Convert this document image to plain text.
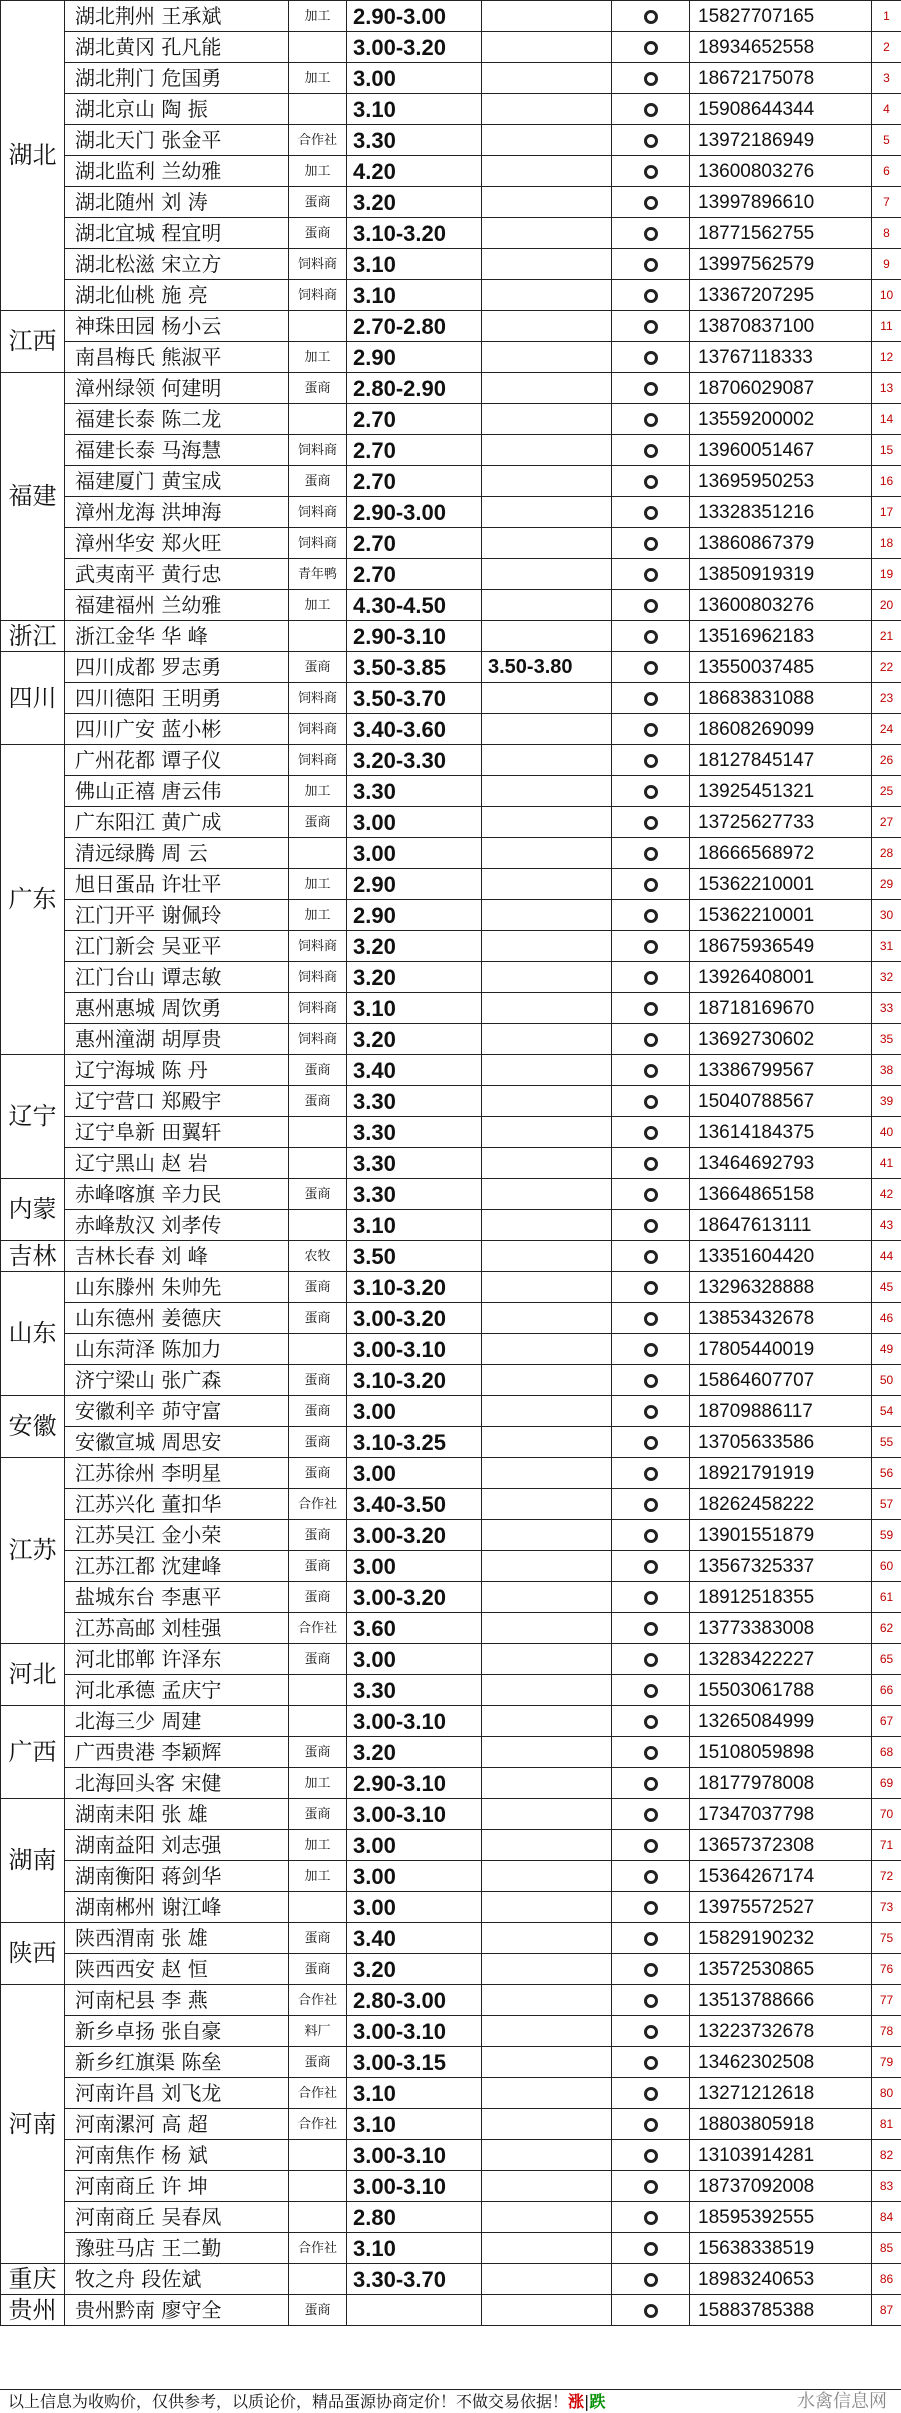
湖北	湖北荆州 王承斌	加工	2.90-3.00			15827707165	1
	湖北黄冈 孔凡能		3.00-3.20			18934652558	2
	湖北荆门 危国勇	加工	3.00			18672175078	3
	湖北京山 陶 振		3.10			15908644344	4
	湖北天门 张金平	合作社	3.30			13972186949	5
	湖北监利 兰幼雅	加工	4.20			13600803276	6
	湖北随州 刘 涛	蛋商	3.20			13997896610	7
	湖北宜城 程宜明	蛋商	3.10-3.20			18771562755	8
	湖北松滋 宋立方	饲料商	3.10			13997562579	9
	湖北仙桃 施 亮	饲料商	3.10			13367207295	10
江西	神珠田园 杨小云		2.70-2.80			13870837100	11
	南昌梅氏 熊淑平	加工	2.90			13767118333	12
福建	漳州绿领 何建明	蛋商	2.80-2.90			18706029087	13
	福建长泰 陈二龙		2.70			13559200002	14
	福建长泰 马海慧	饲料商	2.70			13960051467	15
	福建厦门 黄宝成	蛋商	2.70			13695950253	16
	漳州龙海 洪坤海	饲料商	2.90-3.00			13328351216	17
	漳州华安 郑火旺	饲料商	2.70			13860867379	18
	武夷南平 黄行忠	青年鸭	2.70			13850919319	19
	福建福州 兰幼雅	加工	4.30-4.50			13600803276	20
浙江	浙江金华 华 峰		2.90-3.10			13516962183	21
四川	四川成都 罗志勇	蛋商	3.50-3.85	3.50-3.80		13550037485	22
	四川德阳 王明勇	饲料商	3.50-3.70			18683831088	23
	四川广安 蓝小彬	饲料商	3.40-3.60			18608269099	24
广东	广州花都 谭子仪	饲料商	3.20-3.30			18127845147	26
	佛山正禧 唐云伟	加工	3.30			13925451321	25
	广东阳江 黄广成	蛋商	3.00			13725627733	27
	清远绿腾 周 云		3.00			18666568972	28
	旭日蛋品 许壮平	加工	2.90			15362210001	29
	江门开平 谢佩玲	加工	2.90			15362210001	30
	江门新会 吴亚平	饲料商	3.20			18675936549	31
	江门台山 谭志敏	饲料商	3.20			13926408001	32
	惠州惠城 周饮勇	饲料商	3.10			18718169670	33
	惠州潼湖 胡厚贵	饲料商	3.20			13692730602	35
辽宁	辽宁海城 陈 丹	蛋商	3.40			13386799567	38
	辽宁营口 郑殿宇	蛋商	3.30			15040788567	39
	辽宁阜新 田翼轩		3.30			13614184375	40
	辽宁黑山 赵 岩		3.30			13464692793	41
内蒙	赤峰喀旗 辛力民	蛋商	3.30			13664865158	42
	赤峰敖汉 刘孝传		3.10			18647613111	43
吉林	吉林长春 刘 峰	农牧	3.50			13351604420	44
山东	山东滕州 朱帅先	蛋商	3.10-3.20			13296328888	45
	山东德州 姜德庆	蛋商	3.00-3.20			13853432678	46
	山东菏泽 陈加力		3.00-3.10			17805440019	49
	济宁梁山 张广森	蛋商	3.10-3.20			15864607707	50
安徽	安徽利辛 茆守富	蛋商	3.00			18709886117	54
	安徽宣城 周思安	蛋商	3.10-3.25			13705633586	55
江苏	江苏徐州 李明星	蛋商	3.00			18921791919	56
	江苏兴化 董扣华	合作社	3.40-3.50			18262458222	57
	江苏吴江 金小荣	蛋商	3.00-3.20			13901551879	59
	江苏江都 沈建峰	蛋商	3.00			13567325337	60
	盐城东台 李惠平	蛋商	3.00-3.20			18912518355	61
	江苏高邮 刘桂强	合作社	3.60			13773383008	62
河北	河北邯郸 许泽东	蛋商	3.00			13283422227	65
	河北承德 孟庆宁		3.30			15503061788	66
广西	北海三少 周建		3.00-3.10			13265084999	67
	广西贵港 李颖辉	蛋商	3.20			15108059898	68
	北海回头客 宋健	加工	2.90-3.10			18177978008	69
湖南	湖南耒阳 张 雄	蛋商	3.00-3.10			17347037798	70
	湖南益阳 刘志强	加工	3.00			13657372308	71
	湖南衡阳 蒋剑华	加工	3.00			15364267174	72
	湖南郴州 谢江峰		3.00			13975572527	73
陕西	陕西渭南 张 雄	蛋商	3.40			15829190232	75
	陕西西安 赵 恒	蛋商	3.20			13572530865	76
河南	河南杞县 李 燕	合作社	2.80-3.00			13513788666	77
	新乡卓扬 张自豪	料厂	3.00-3.10			13223732678	78
	新乡红旗渠 陈垒	蛋商	3.00-3.15			13462302508	79
	河南许昌 刘飞龙	合作社	3.10			13271212618	80
	河南漯河 高 超	合作社	3.10			18803805918	81
	河南焦作 杨 斌		3.00-3.10			13103914281	82
	河南商丘 许 坤		3.00-3.10			18737092008	83
	河南商丘 吴春凤		2.80			18595392555	84
	豫驻马店 王二勤	合作社	3.10			15638338519	85
重庆	牧之舟 段佐斌		3.30-3.70			18983240653	86
贵州	贵州黔南 廖守全	蛋商				15883785388	87
以上信息为收购价，仅供参考，以质论价，精品蛋源协商定价！不做交易依据！涨|跌	水禽信息网
